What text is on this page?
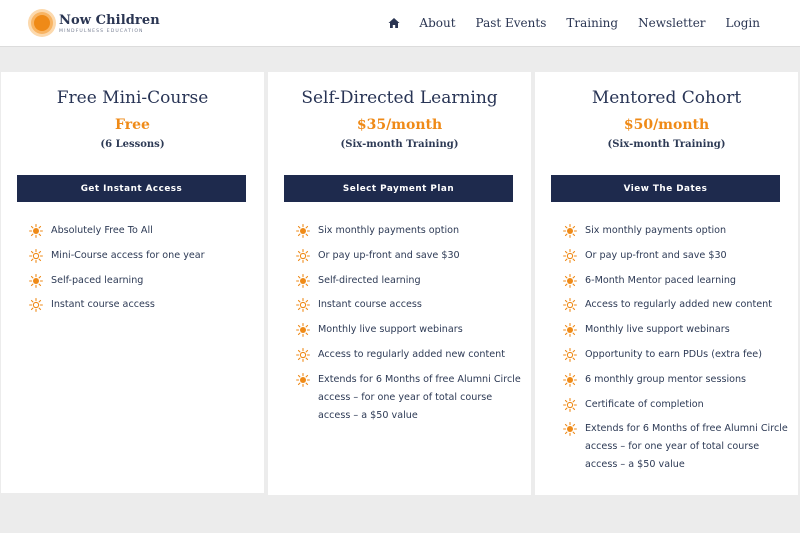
Now Children
MINDFULNESS EDUCATION
About Past Events Training Newsletter Login
Free Mini-Course
Free
(6 Lessons)
Get Instant Access
Absolutely Free To All
Mini-Course access for one year
Self-paced learning
Instant course access
Self-Directed Learning
$35/month
(Six-month Training)
Select Payment Plan
Six monthly payments option
Or pay up-front and save $30
Self-directed learning
Instant course access
Monthly live support webinars
Access to regularly added new content
Extends for 6 Months of free Alumni Circle access – for one year of total course access – a $50 value
Mentored Cohort
$50/month
(Six-month Training)
View The Dates
Six monthly payments option
Or pay up-front and save $30
6-Month Mentor paced learning
Access to regularly added new content
Monthly live support webinars
Opportunity to earn PDUs (extra fee)
6 monthly group mentor sessions
Certificate of completion
Extends for 6 Months of free Alumni Circle access – for one year of total course access – a $50 value
